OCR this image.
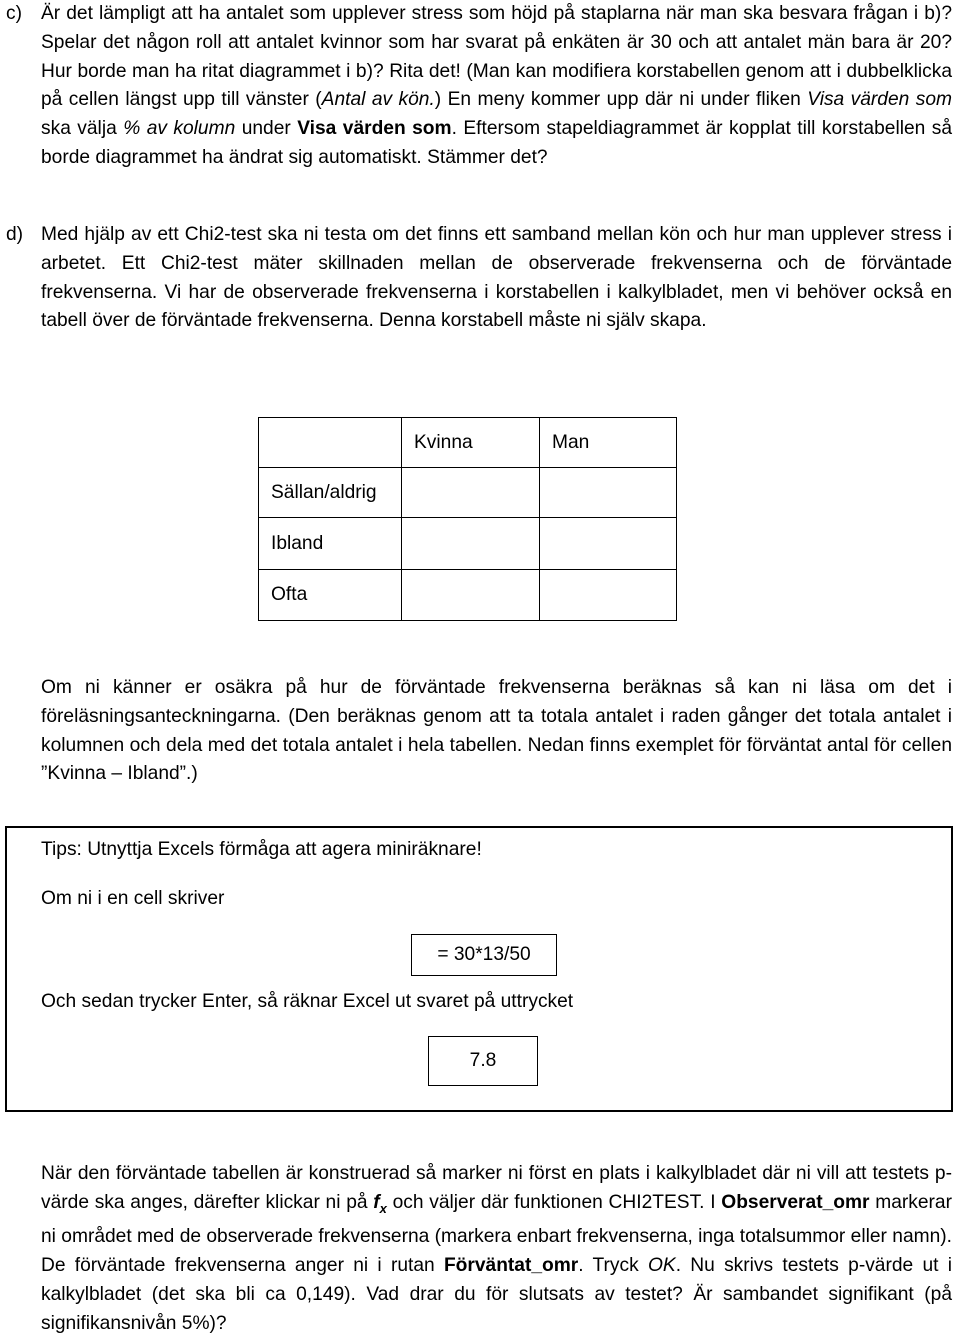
c) Är det lämpligt att ha antalet som upplever stress som höjd på staplarna när man ska besvara frågan i b)? Spelar det någon roll att antalet kvinnor som har svarat på enkäten är 30 och att antalet män bara är 20? Hur borde man ha ritat diagrammet i b)? Rita det! (Man kan modifiera korstabellen genom att i dubbelklicka på cellen längst upp till vänster (Antal av kön.) En meny kommer upp där ni under fliken Visa värden som ska välja % av kolumn under Visa värden som. Eftersom stapeldiagrammet är kopplat till korstabellen så borde diagrammet ha ändrat sig automatiskt. Stämmer det?
d) Med hjälp av ett Chi2-test ska ni testa om det finns ett samband mellan kön och hur man upplever stress i arbetet. Ett Chi2-test mäter skillnaden mellan de observerade frekvenserna och de förväntade frekvenserna. Vi har de observerade frekvenserna i korstabellen i kalkylbladet, men vi behöver också en tabell över de förväntade frekvenserna. Denna korstabell måste ni själv skapa.
	Kvinna	Man
Sällan/aldrig		
Ibland		
Ofta		
Om ni känner er osäkra på hur de förväntade frekvenserna beräknas så kan ni läsa om det i föreläsningsanteckningarna. (Den beräknas genom att ta totala antalet i raden gånger det totala antalet i kolumnen och dela med det totala antalet i hela tabellen. Nedan finns exemplet för förväntat antal för cellen ”Kvinna – Ibland”.)
Tips: Utnyttja Excels förmåga att agera miniräknare!
Om ni i en cell skriver
= 30*13/50
Och sedan trycker Enter, så räknar Excel ut svaret på uttrycket
7.8
När den förväntade tabellen är konstruerad så marker ni först en plats i kalkylbladet där ni vill att testets p-värde ska anges, därefter klickar ni på $f_x$ och väljer där funktionen CHI2TEST. I Observerat_omr markerar ni området med de observerade frekvenserna (markera enbart frekvenserna, inga totalsummor eller namn). De förväntade frekvenserna anger ni i rutan Förväntat_omr. Tryck OK. Nu skrivs testets p-värde ut i kalkylbladet (det ska bli ca 0,149). Vad drar du för slutsats av testet? Är sambandet signifikant (på signifikansnivån 5%)?
